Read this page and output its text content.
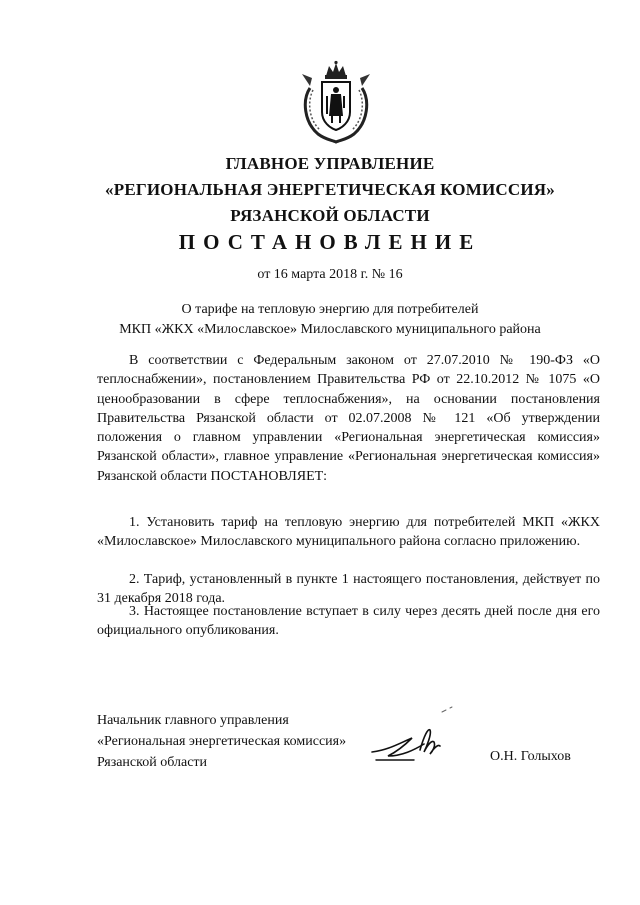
ГЛАВНОЕ УПРАВЛЕНИЕ
«РЕГИОНАЛЬНАЯ ЭНЕРГЕТИЧЕСКАЯ КОМИССИЯ»
РЯЗАНСКОЙ ОБЛАСТИ
ПОСТАНОВЛЕНИЕ
от 16 марта 2018 г. № 16
О тарифе на тепловую энергию для потребителей
МКП «ЖКХ «Милославское» Милославского муниципального района
В соответствии с Федеральным законом от 27.07.2010 № 190-ФЗ «О теплоснабжении», постановлением Правительства РФ от 22.10.2012 № 1075 «О ценообразовании в сфере теплоснабжения», на основании постановления Правительства Рязанской области от 02.07.2008 № 121 «Об утверждении положения о главном управлении «Региональная энергетическая комиссия» Рязанской области», главное управление «Региональная энергетическая комиссия» Рязанской области ПОСТАНОВЛЯЕТ:
1. Установить тариф на тепловую энергию для потребителей МКП «ЖКХ «Милославское» Милославского муниципального района согласно приложению.
2. Тариф, установленный в пункте 1 настоящего постановления, действует по 31 декабря 2018 года.
3. Настоящее постановление вступает в силу через десять дней после дня его официального опубликования.
Начальник главного управления
«Региональная энергетическая комиссия»
Рязанской области	О.Н. Голыхов
